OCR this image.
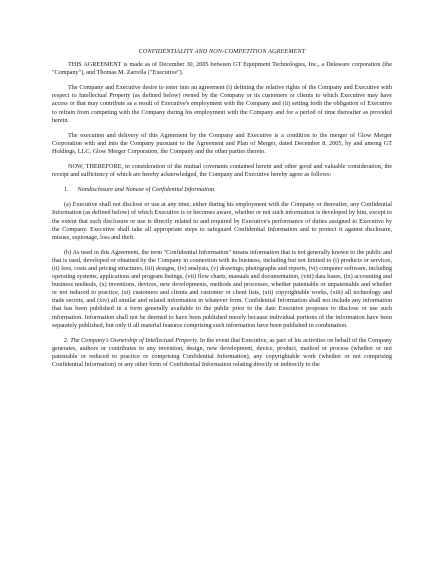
CONFIDENTIALITY AND NON-COMPETITION AGREEMENT

THIS AGREEMENT is made as of December 30, 2005 between GT Equipment Technologies, Inc., a Delaware corporation (the "Company"), and Thomas M. Zarrella ("Executive").

The Company and Executive desire to enter into an agreement (i) defining the relative rights of the Company and Executive with respect to Intellectual Property (as defined below) owned by the Company or its customers or clients to which Executive may have access or that may contribute as a result of Executive's employment with the Company and (ii) setting forth the obligation of Executive to refrain from competing with the Company during his employment with the Company and for a period of time thereafter as provided herein.

The execution and delivery of this Agreement by the Company and Executive is a condition to the merger of Glow Merger Corporation with and into the Company pursuant to the Agreement and Plan of Merger, dated December 8, 2005, by and among GT Holdings, LLC, Glow Merger Corporation, the Company and the other parties thereto.

NOW, THEREFORE, in consideration of the mutual covenants contained herein and other good and valuable consideration, the receipt and sufficiency of which are hereby acknowledged, the Company and Executive hereby agree as follows:

1. Nondisclosure and Nonuse of Confidential Information.

(a) Executive shall not disclose or use at any time, either during his employment with the Company or thereafter, any Confidential Information (as defined below) of which Executive is or becomes aware, whether or not such information is developed by him, except to the extent that such disclosure or use is directly related to and required by Executive's performance of duties assigned to Executive by the Company. Executive shall take all appropriate steps to safeguard Confidential Information and to protect it against disclosure, misuse, espionage, loss and theft.

(b) As used in this Agreement, the term "Confidential Information" means information that is not generally known to the public and that is used, developed or obtained by the Company in connection with its business, including but not limited to (i) products or services, (ii) fees, costs and pricing structures, (iii) designs, (iv) analysis, (v) drawings, photographs and reports, (vi) computer software, including operating systems, applications and program listings, (vii) flow charts, manuals and documentation, (viii) data bases, (ix) accounting and business methods, (x) inventions, devices, new developments, methods and processes, whether patentable or unpatentable and whether or not reduced to practice, (xi) customers and clients and customer or client lists, (xii) copyrightable works, (xiii) all technology and trade secrets, and (xiv) all similar and related information in whatever form. Confidential Information shall not include any information that has been published in a form generally available to the public prior to the date Executive proposes to disclose or use such information. Information shall not be deemed to have been published merely because individual portions of the information have been separately published, but only if all material features comprising such information have been published in combination.

2. The Company's Ownership of Intellectual Property. In the event that Executive, as part of his activities on behalf of the Company generates, authors or contributes to any invention, design, new development, device, product, method or process (whether or not patentable or reduced to practice or comprising Confidential Information), any copyrightable work (whether or not comprising Confidential Information) or any other form of Confidential Information relating directly or indirectly to the
